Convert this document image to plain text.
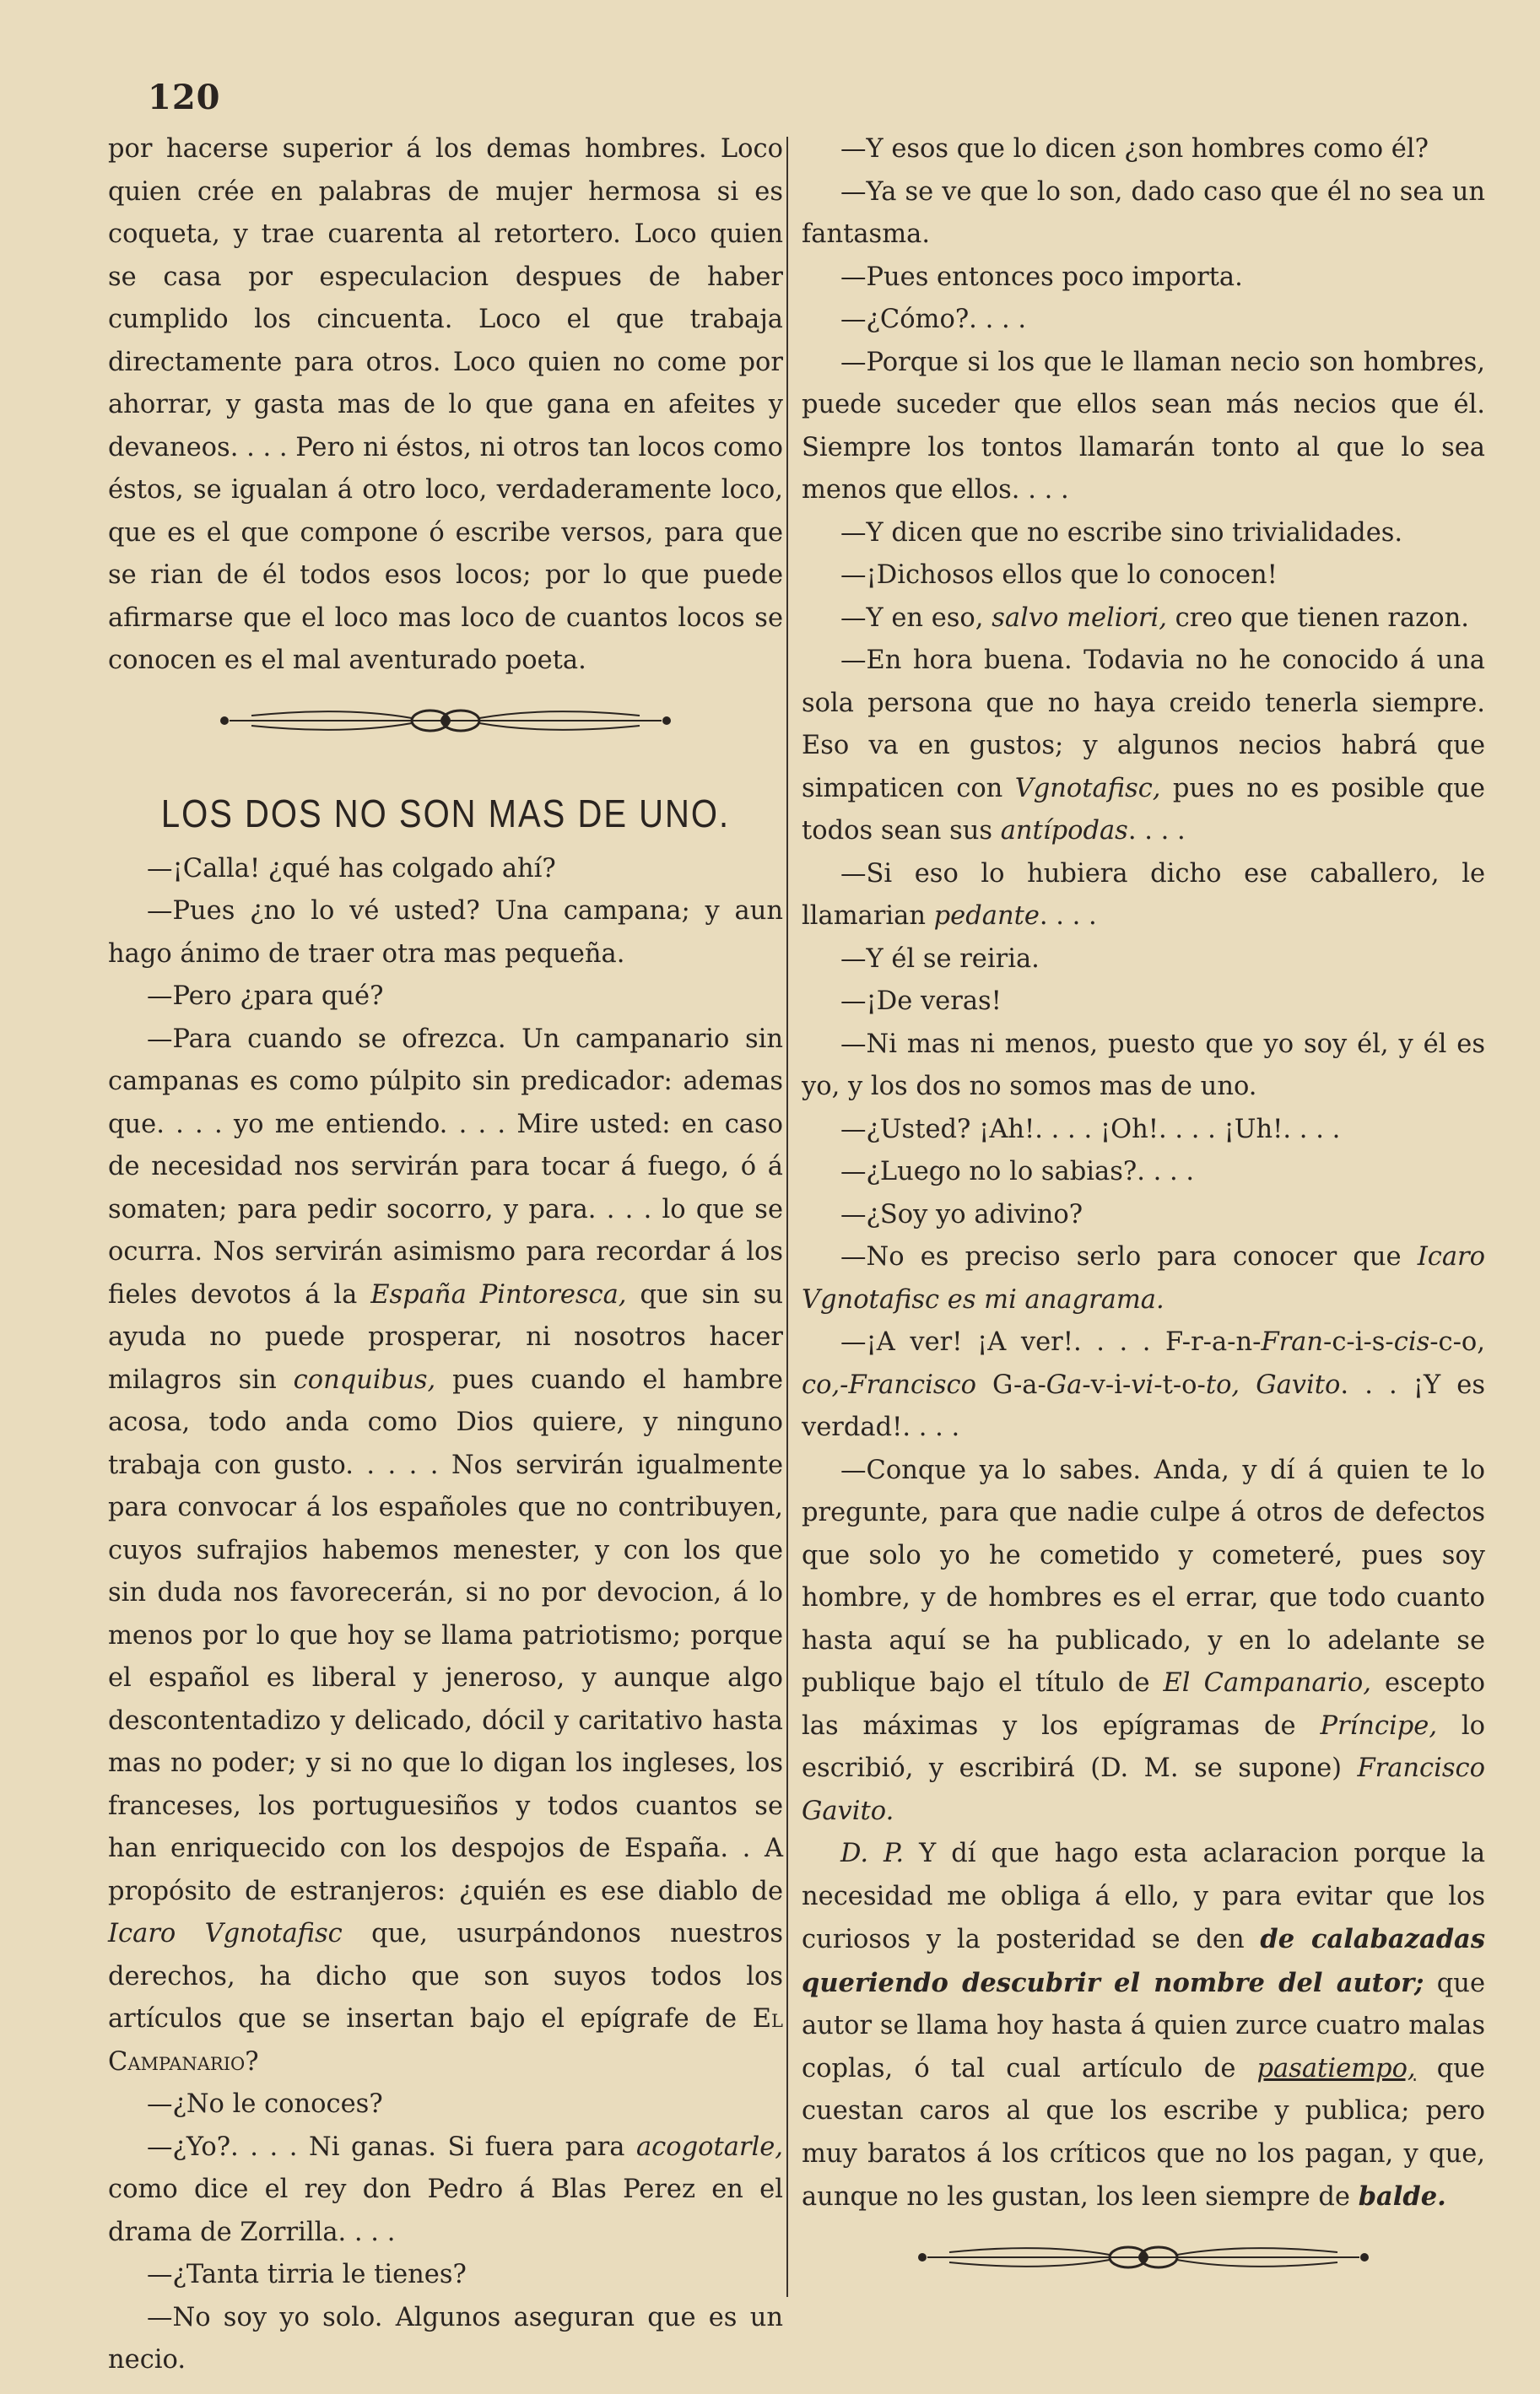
120

por hacerse superior á los demas hombres. Loco quien crée en palabras de mujer hermosa si es coqueta, y trae cuarenta al retortero. Loco quien se casa por especulacion despues de haber cumplido los cincuenta. Loco el que trabaja directamente para otros. Loco quien no come por ahorrar, y gasta mas de lo que gana en afeites y devaneos. . . . Pero ni éstos, ni otros tan locos como éstos, se igualan á otro loco, verdaderamente loco, que es el que compone ó escribe versos, para que se rian de él todos esos locos; por lo que puede afirmarse que el loco mas loco de cuantos locos se conocen es el mal aventurado poeta.

LOS DOS NO SON MAS DE UNO.

—¡Calla! ¿qué has colgado ahí?

—Pues ¿no lo vé usted? Una campana; y aun hago ánimo de traer otra mas pequeña.

—Pero ¿para qué?

—Para cuando se ofrezca. Un campanario sin campanas es como púlpito sin predicador: ademas que. . . . yo me entiendo. . . . Mire usted: en caso de necesidad nos servirán para tocar á fuego, ó á somaten; para pedir socorro, y para. . . . lo que se ocurra. Nos servirán asimismo para recordar á los fieles devotos á la España Pintoresca, que sin su ayuda no puede prosperar, ni nosotros hacer milagros sin conquibus, pues cuando el hambre acosa, todo anda como Dios quiere, y ninguno trabaja con gusto. . . . . Nos servirán igualmente para convocar á los españoles que no contribuyen, cuyos sufrajios habemos menester, y con los que sin duda nos favorecerán, si no por devocion, á lo menos por lo que hoy se llama patriotismo; porque el español es liberal y jeneroso, y aunque algo descontentadizo y delicado, dócil y caritativo hasta mas no poder; y si no que lo digan los ingleses, los franceses, los portuguesiños y todos cuantos se han enriquecido con los despojos de España. . A propósito de estranjeros: ¿quién es ese diablo de Icaro Vgnotafisc que, usurpándonos nuestros derechos, ha dicho que son suyos todos los artículos que se insertan bajo el epígrafe de El Campanario?

—¿No le conoces?

—¿Yo?. . . . Ni ganas. Si fuera para acogotarle, como dice el rey don Pedro á Blas Perez en el drama de Zorrilla. . . .

—¿Tanta tirria le tienes?

—No soy yo solo. Algunos aseguran que es un necio.

—Y esos que lo dicen ¿son hombres como él?

—Ya se ve que lo son, dado caso que él no sea un fantasma.

—Pues entonces poco importa.

—¿Cómo?. . . .

—Porque si los que le llaman necio son hombres, puede suceder que ellos sean más necios que él. Siempre los tontos llamarán tonto al que lo sea menos que ellos. . . .

—Y dicen que no escribe sino trivialidades.

—¡Dichosos ellos que lo conocen!

—Y en eso, salvo meliori, creo que tienen razon.

—En hora buena. Todavia no he conocido á una sola persona que no haya creido tenerla siempre. Eso va en gustos; y algunos necios habrá que simpaticen con Vgnotafisc, pues no es posible que todos sean sus antípodas. . . .

—Si eso lo hubiera dicho ese caballero, le llamarian pedante. . . .

—Y él se reiria.

—¡De veras!

—Ni mas ni menos, puesto que yo soy él, y él es yo, y los dos no somos mas de uno.

—¿Usted? ¡Ah!. . . . ¡Oh!. . . . ¡Uh!. . . .

—¿Luego no lo sabias?. . . .

—¿Soy yo adivino?

—No es preciso serlo para conocer que Icaro Vgnotafisc es mi anagrama.

—¡A ver! ¡A ver!. . . . F-r-a-n-Fran-c-i-s-cis-c-o, co,-Francisco G-a-Ga-v-i-vi-t-o-to, Gavito. . . ¡Y es verdad!. . . .

—Conque ya lo sabes. Anda, y dí á quien te lo pregunte, para que nadie culpe á otros de defectos que solo yo he cometido y cometeré, pues soy hombre, y de hombres es el errar, que todo cuanto hasta aquí se ha publicado, y en lo adelante se publique bajo el título de El Campanario, escepto las máximas y los epígramas de Príncipe, lo escribió, y escribirá (D. M. se supone) Francisco Gavito.

D. P. Y dí que hago esta aclaracion porque la necesidad me obliga á ello, y para evitar que los curiosos y la posteridad se den de calabazadas queriendo descubrir el nombre del autor; que autor se llama hoy hasta á quien zurce cuatro malas coplas, ó tal cual artículo de pasatiempo, que cuestan caros al que los escribe y publica; pero muy baratos á los críticos que no los pagan, y que, aunque no les gustan, los leen siempre de balde.
